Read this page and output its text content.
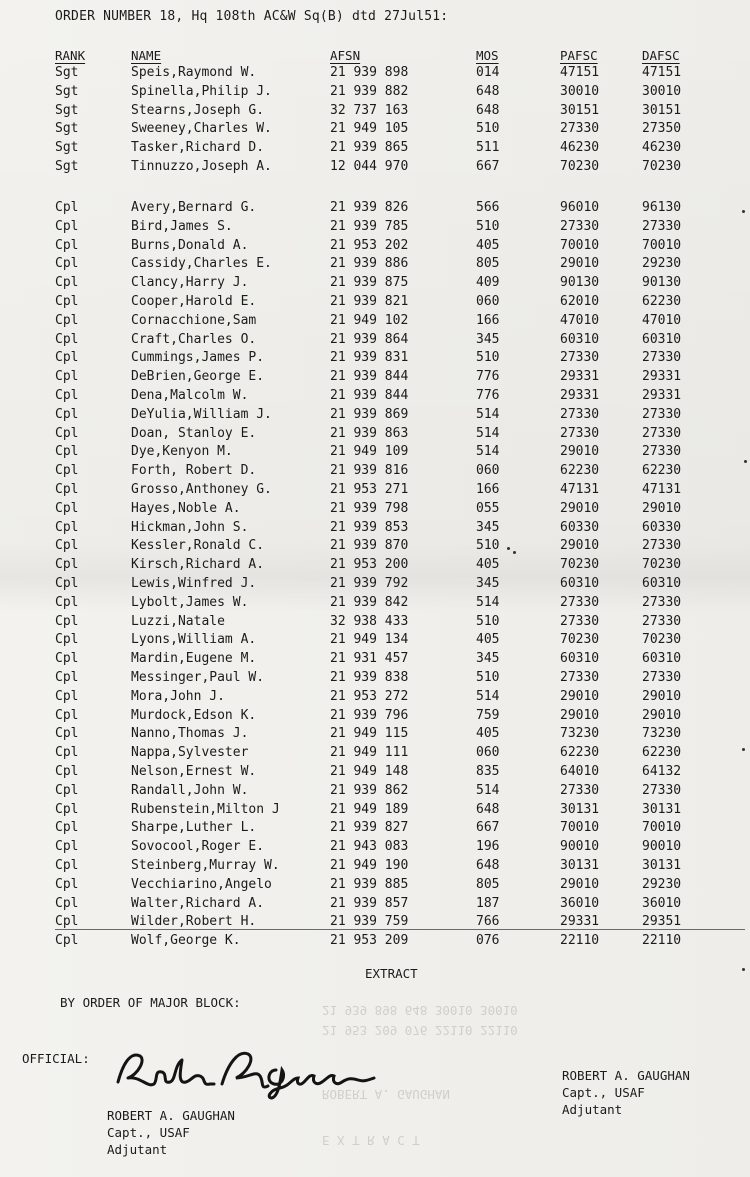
21 939 898 648 30010 30010
21 953 209 076 22110 22110
E X T R A C T
ROBERT A. GAUGHAN
ORDER NUMBER 18, Hq 108th AC&W Sq(B) dtd 27Jul51:
RANK	NAME	AFSN	MOS	PAFSC	DAFSC
Sgt	Speis,Raymond W.	21 939 898	014	47151	47151
Sgt	Spinella,Philip J.	21 939 882	648	30010	30010
Sgt	Stearns,Joseph G.	32 737 163	648	30151	30151
Sgt	Sweeney,Charles W.	21 949 105	510	27330	27350
Sgt	Tasker,Richard D.	21 939 865	511	46230	46230
Sgt	Tinnuzzo,Joseph A.	12 044 970	667	70230	70230
Cpl	Avery,Bernard G.	21 939 826	566	96010	96130
Cpl	Bird,James S.	21 939 785	510	27330	27330
Cpl	Burns,Donald A.	21 953 202	405	70010	70010
Cpl	Cassidy,Charles E.	21 939 886	805	29010	29230
Cpl	Clancy,Harry J.	21 939 875	409	90130	90130
Cpl	Cooper,Harold E.	21 939 821	060	62010	62230
Cpl	Cornacchione,Sam	21 949 102	166	47010	47010
Cpl	Craft,Charles O.	21 939 864	345	60310	60310
Cpl	Cummings,James P.	21 939 831	510	27330	27330
Cpl	DeBrien,George E.	21 939 844	776	29331	29331
Cpl	Dena,Malcolm W.	21 939 844	776	29331	29331
Cpl	DeYulia,William J.	21 939 869	514	27330	27330
Cpl	Doan, Stanloy E.	21 939 863	514	27330	27330
Cpl	Dye,Kenyon M.	21 949 109	514	29010	27330
Cpl	Forth, Robert D.	21 939 816	060	62230	62230
Cpl	Grosso,Anthoney G.	21 953 271	166	47131	47131
Cpl	Hayes,Noble A.	21 939 798	055	29010	29010
Cpl	Hickman,John S.	21 939 853	345	60330	60330
Cpl	Kessler,Ronald C.	21 939 870	510	29010	27330
Cpl	Kirsch,Richard A.	21 953 200	405	70230	70230
Cpl	Lewis,Winfred J.	21 939 792	345	60310	60310
Cpl	Lybolt,James W.	21 939 842	514	27330	27330
Cpl	Luzzi,Natale	32 938 433	510	27330	27330
Cpl	Lyons,William A.	21 949 134	405	70230	70230
Cpl	Mardin,Eugene M.	21 931 457	345	60310	60310
Cpl	Messinger,Paul W.	21 939 838	510	27330	27330
Cpl	Mora,John J.	21 953 272	514	29010	29010
Cpl	Murdock,Edson K.	21 939 796	759	29010	29010
Cpl	Nanno,Thomas J.	21 949 115	405	73230	73230
Cpl	Nappa,Sylvester	21 949 111	060	62230	62230
Cpl	Nelson,Ernest W.	21 949 148	835	64010	64132
Cpl	Randall,John W.	21 939 862	514	27330	27330
Cpl	Rubenstein,Milton J	21 949 189	648	30131	30131
Cpl	Sharpe,Luther L.	21 939 827	667	70010	70010
Cpl	Sovocool,Roger E.	21 943 083	196	90010	90010
Cpl	Steinberg,Murray W.	21 949 190	648	30131	30131
Cpl	Vecchiarino,Angelo	21 939 885	805	29010	29230
Cpl	Walter,Richard A.	21 939 857	187	36010	36010
Cpl	Wilder,Robert H.	21 939 759	766	29331	29351
Cpl	Wolf,George K.	21 953 209	076	22110	22110
EXTRACT
BY ORDER OF MAJOR BLOCK:
OFFICIAL:
ROBERT A. GAUGHAN
Capt., USAF
Adjutant
ROBERT A. GAUGHAN
Capt., USAF
Adjutant
